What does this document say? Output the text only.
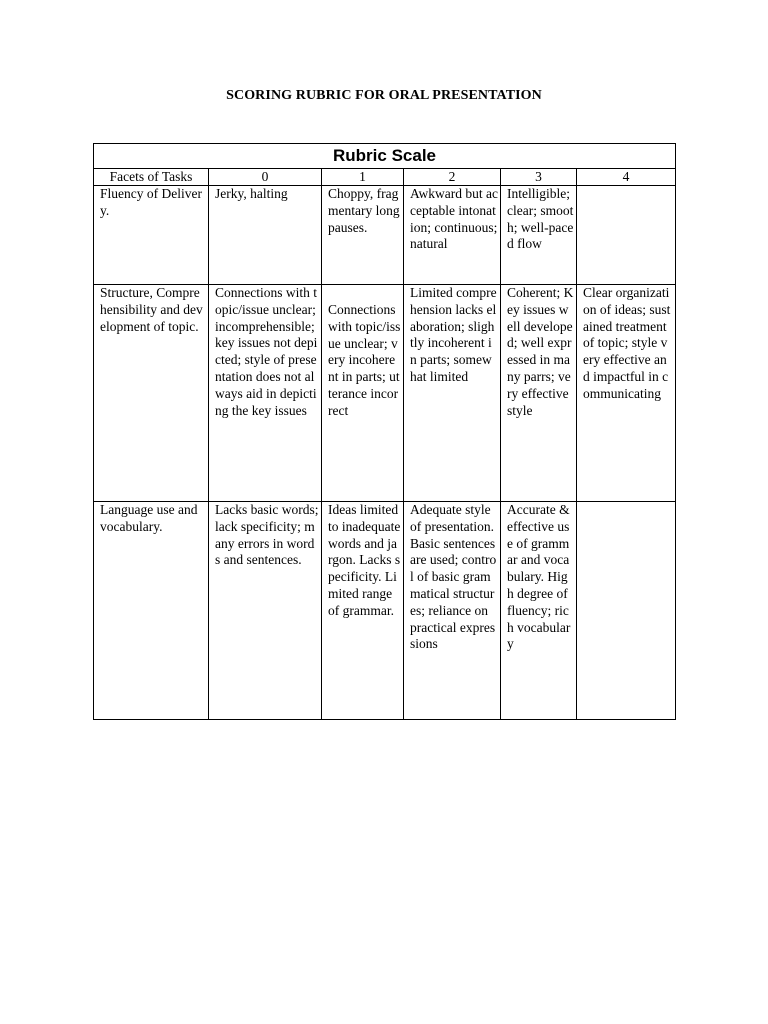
SCORING RUBRIC FOR ORAL PRESENTATION
Rubric Scale					
Facets of Tasks	0	1	2	3	4
Fluency of Delivery.	Jerky, halting	Choppy, fragmentary long pauses.	Awkward but acceptable intonation; continuous; natural	Intelligible; clear; smooth; well-paced flow	
Structure, Comprehensibility and development of topic.	Connections with topic/issue unclear; incomprehensible; key issues not depicted; style of presentation does not always aid in depicting the key issues	Connections with topic/issue unclear; very incoherent in parts; utterance incorrect	Limited comprehension lacks elaboration; slightly incoherent in parts; somewhat limited	Coherent; Key issues well developed; well expressed in many parrs; very effective style	Clear organization of ideas; sustained treatment of topic; style very effective and impactful in communicating
Language use and vocabulary.	Lacks basic words; lack specificity; many errors in words and sentences.	Ideas limited to inadequate words and jargon. Lacks specificity. Limited range of grammar.	Adequate style of presentation. Basic sentences are used; control of basic grammatical structures; reliance on practical expressions	Accurate & effective use of grammar and vocabulary. High degree of fluency; rich vocabulary	
